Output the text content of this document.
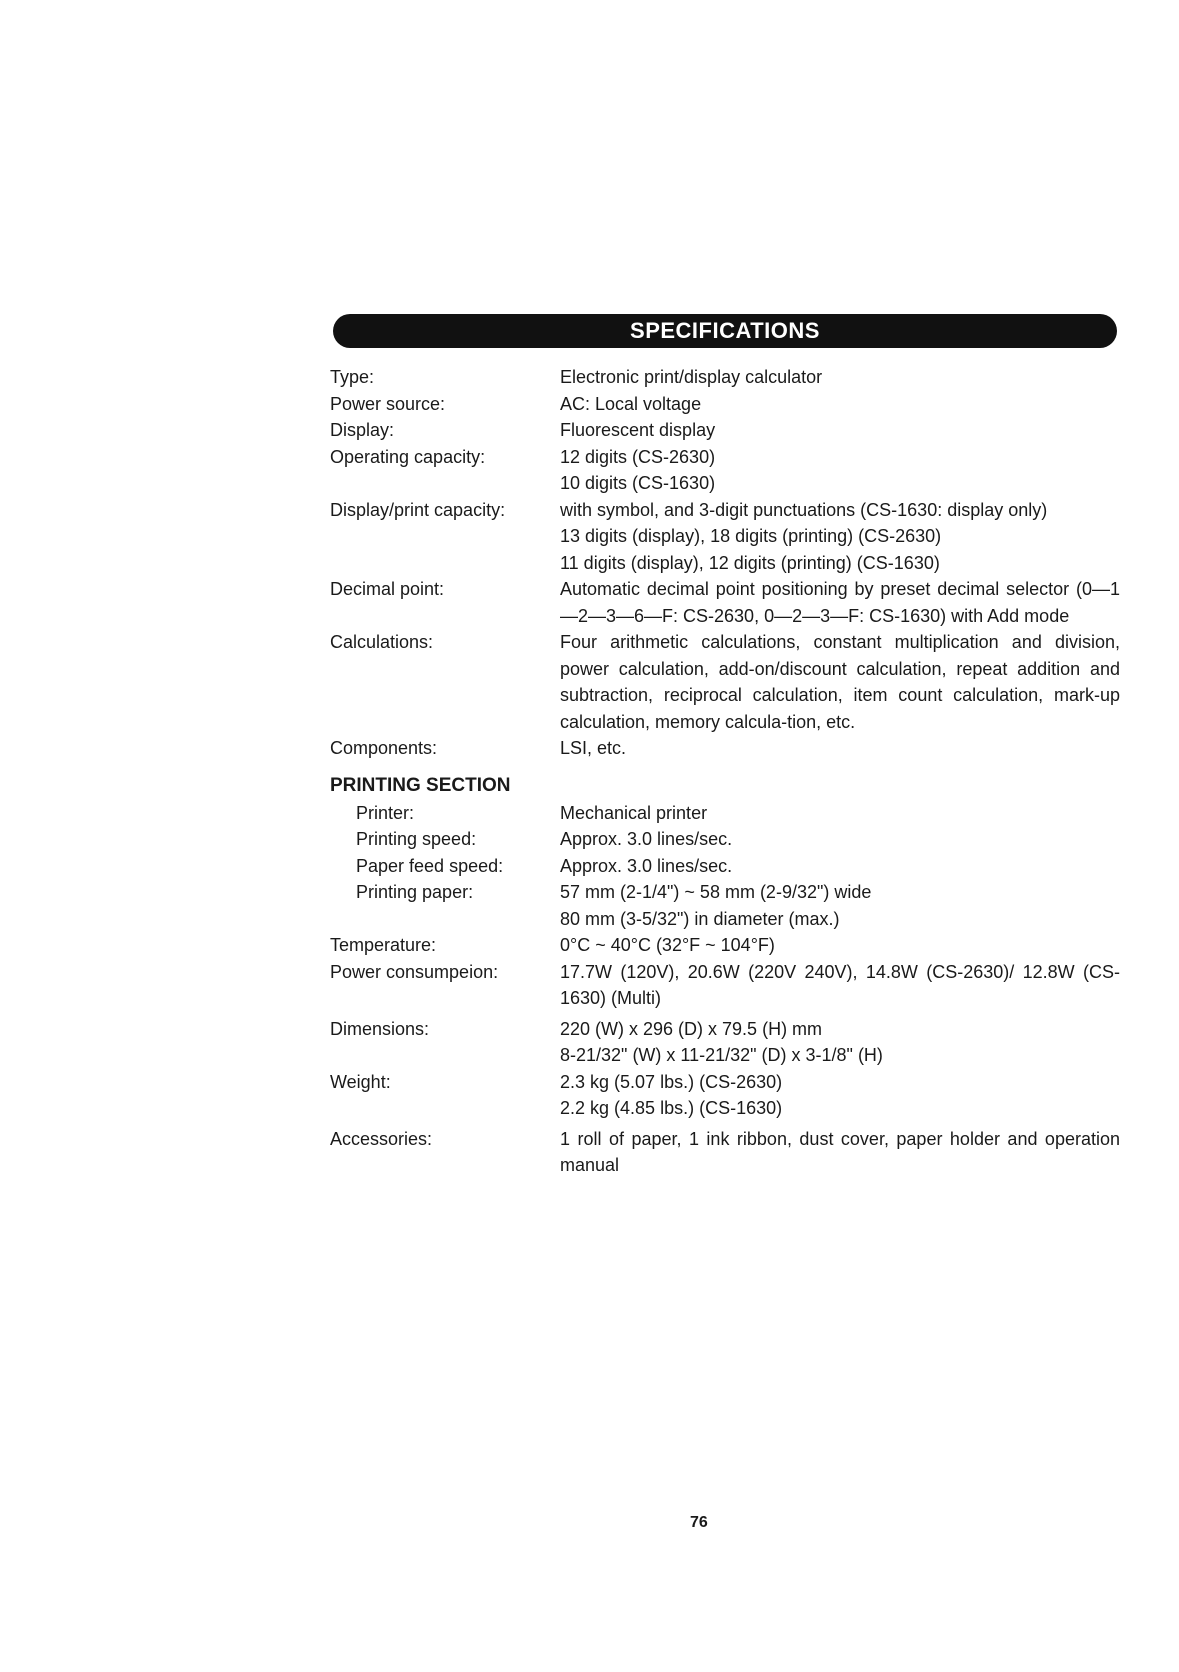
SPECIFICATIONS
Type:	Electronic print/display calculator
Power source:	AC: Local voltage
Display:	Fluorescent display
Operating capacity:	12 digits (CS-2630)
10 digits (CS-1630)
Display/print capacity:	with symbol, and 3-digit punctuations (CS-1630: display only)
13 digits (display), 18 digits (printing) (CS-2630)
11 digits (display), 12 digits (printing) (CS-1630)
Decimal point:	Automatic decimal point positioning by preset decimal selector (0—1—2—3—6—F: CS-2630, 0—2—3—F: CS-1630) with Add mode
Calculations:	Four arithmetic calculations, constant multiplication and division, power calculation, add-on/discount calculation, repeat addition and subtraction, reciprocal calculation, item count calculation, mark-up calculation, memory calcula-tion, etc.
Components:	LSI, etc.
PRINTING SECTION
Printer:	Mechanical printer
Printing speed:	Approx. 3.0 lines/sec.
Paper feed speed:	Approx. 3.0 lines/sec.
Printing paper:	57 mm (2-1/4") ~ 58 mm (2-9/32") wide
80 mm (3-5/32") in diameter (max.)
Temperature:	0°C ~ 40°C (32°F ~ 104°F)
Power consumpeion:	17.7W (120V), 20.6W (220V 240V), 14.8W (CS-2630)/ 12.8W (CS-1630) (Multi)
Dimensions:	220 (W) x 296 (D) x 79.5 (H) mm
8-21/32" (W) x 11-21/32" (D) x 3-1/8" (H)
Weight:	2.3 kg (5.07 lbs.) (CS-2630)
2.2 kg (4.85 lbs.) (CS-1630)
Accessories:	1 roll of paper, 1 ink ribbon, dust cover, paper holder and operation manual
76
